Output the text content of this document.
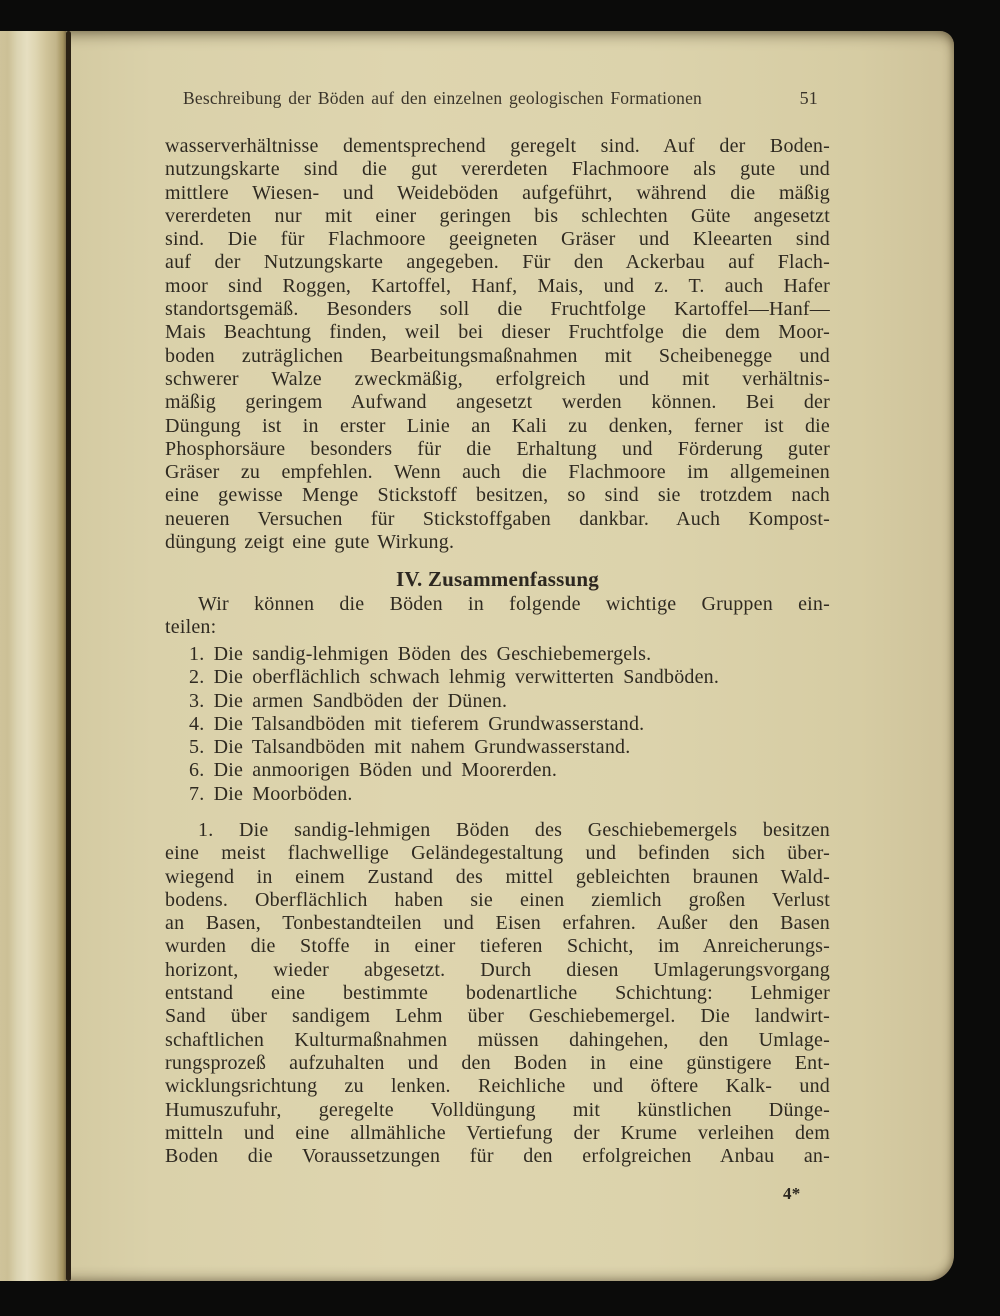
Beschreibung der Böden auf den einzelnen geologischen Formationen	51
wasserverhältnisse dementsprechend geregelt sind. Auf der Boden-
nutzungskarte sind die gut vererdeten Flachmoore als gute und
mittlere Wiesen- und Weideböden aufgeführt, während die mäßig
vererdeten nur mit einer geringen bis schlechten Güte angesetzt
sind. Die für Flachmoore geeigneten Gräser und Kleearten sind
auf der Nutzungskarte angegeben. Für den Ackerbau auf Flach-
moor sind Roggen, Kartoffel, Hanf, Mais, und z. T. auch Hafer
standortsgemäß. Besonders soll die Fruchtfolge Kartoffel—Hanf—
Mais Beachtung finden, weil bei dieser Fruchtfolge die dem Moor-
boden zuträglichen Bearbeitungsmaßnahmen mit Scheibenegge und
schwerer Walze zweckmäßig, erfolgreich und mit verhältnis-
mäßig geringem Aufwand angesetzt werden können. Bei der
Düngung ist in erster Linie an Kali zu denken, ferner ist die
Phosphorsäure besonders für die Erhaltung und Förderung guter
Gräser zu empfehlen. Wenn auch die Flachmoore im allgemeinen
eine gewisse Menge Stickstoff besitzen, so sind sie trotzdem nach
neueren Versuchen für Stickstoffgaben dankbar. Auch Kompost-
düngung zeigt eine gute Wirkung.
IV. Zusammenfassung
Wir können die Böden in folgende wichtige Gruppen ein-
teilen:
1. Die sandig-lehmigen Böden des Geschiebemergels.
2. Die oberflächlich schwach lehmig verwitterten Sandböden.
3. Die armen Sandböden der Dünen.
4. Die Talsandböden mit tieferem Grundwasserstand.
5. Die Talsandböden mit nahem Grundwasserstand.
6. Die anmoorigen Böden und Moorerden.
7. Die Moorböden.
1. Die sandig-lehmigen Böden des Geschiebemergels besitzen
eine meist flachwellige Geländegestaltung und befinden sich über-
wiegend in einem Zustand des mittel gebleichten braunen Wald-
bodens. Oberflächlich haben sie einen ziemlich großen Verlust
an Basen, Tonbestandteilen und Eisen erfahren. Außer den Basen
wurden die Stoffe in einer tieferen Schicht, im Anreicherungs-
horizont, wieder abgesetzt. Durch diesen Umlagerungsvorgang
entstand eine bestimmte bodenartliche Schichtung: Lehmiger
Sand über sandigem Lehm über Geschiebemergel. Die landwirt-
schaftlichen Kulturmaßnahmen müssen dahingehen, den Umlage-
rungsprozeß aufzuhalten und den Boden in eine günstigere Ent-
wicklungsrichtung zu lenken. Reichliche und öftere Kalk- und
Humuszufuhr, geregelte Volldüngung mit künstlichen Dünge-
mitteln und eine allmähliche Vertiefung der Krume verleihen dem
Boden die Voraussetzungen für den erfolgreichen Anbau an-
4*
